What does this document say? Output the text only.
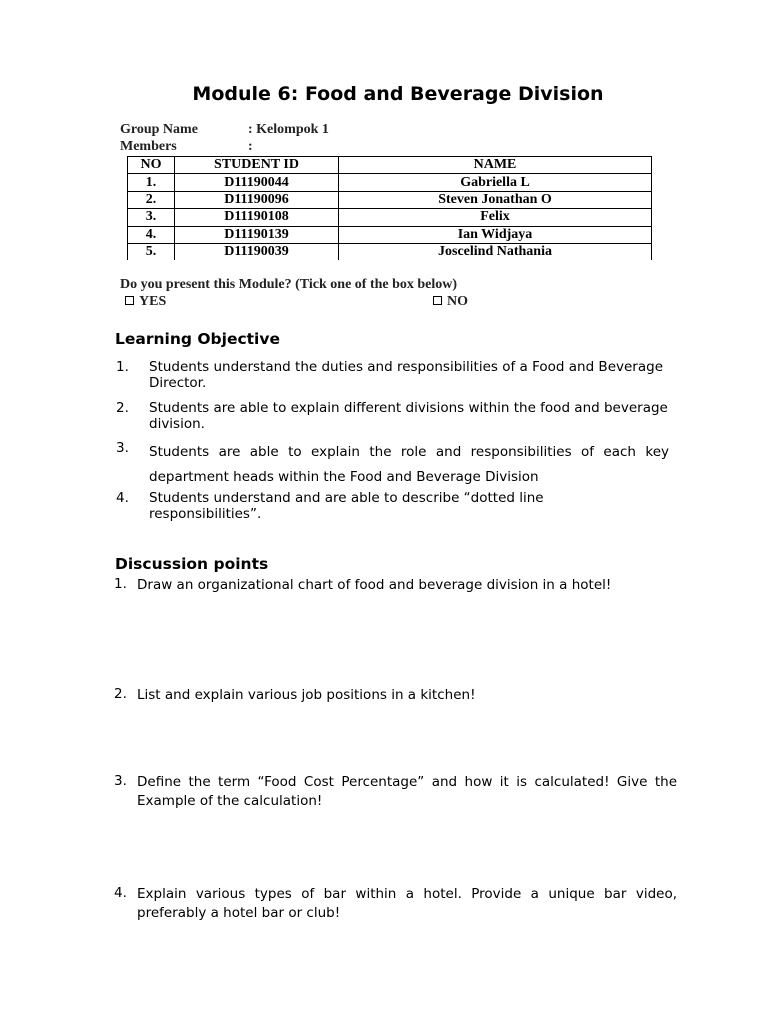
Module 6: Food and Beverage Division
Group Name	: Kelompok 1
Members	:
NO	STUDENT ID	NAME
1.	D11190044	Gabriella L
2.	D11190096	Steven Jonathan O
3.	D11190108	Felix
4.	D11190139	Ian Widjaya
5.	D11190039	Joscelind Nathania
Do you present this Module? (Tick one of the box below)
YES	NO
Learning Objective
1. Students understand the duties and responsibilities of a Food and Beverage Director.
2. Students are able to explain different divisions within the food and beverage division.
3. Students are able to explain the role and responsibilities of each key department heads within the Food and Beverage Division
4. Students understand and are able to describe “dotted line responsibilities”.
Discussion points
1. Draw an organizational chart of food and beverage division in a hotel!
2. List and explain various job positions in a kitchen!
3. Define the term “Food Cost Percentage” and how it is calculated! Give the Example of the calculation!
4. Explain various types of bar within a hotel. Provide a unique bar video, preferably a hotel bar or club!
